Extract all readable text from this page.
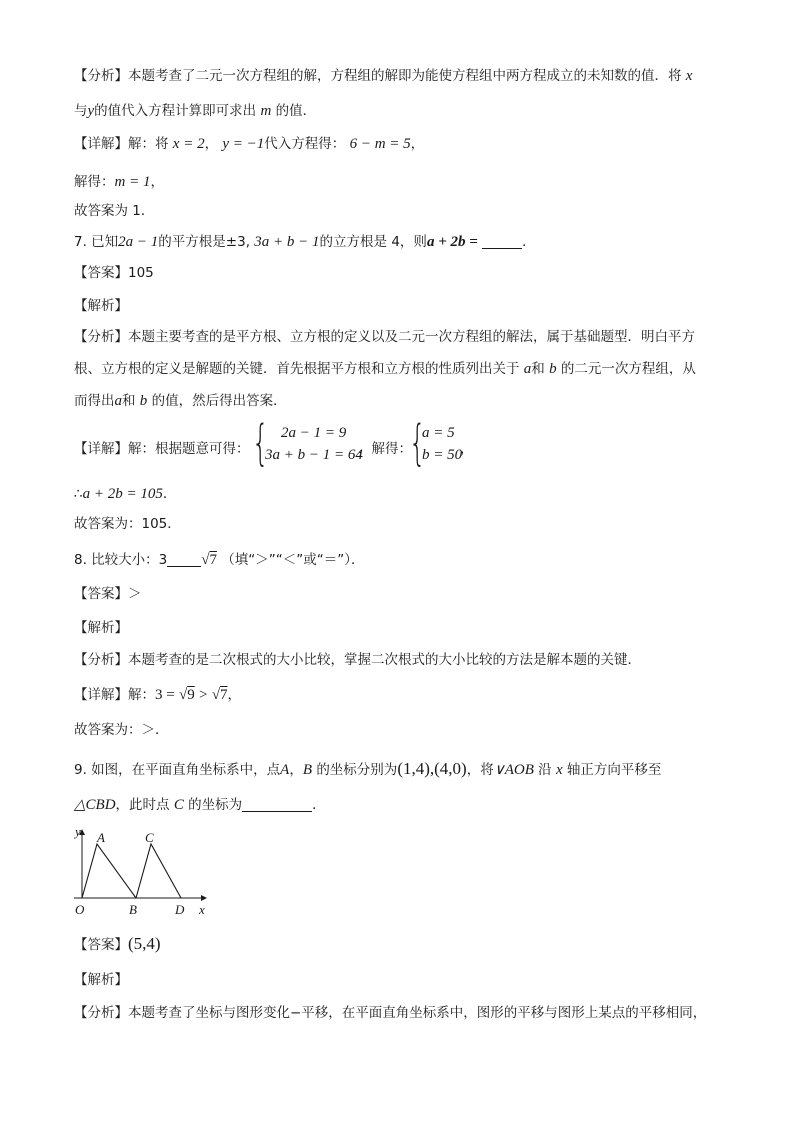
【分析】本题考查了二元一次方程组的解，方程组的解即为能使方程组中两方程成立的未知数的值．将 x
与y的值代入方程计算即可求出 m 的值．
【详解】解：将 x = 2， y = −1代入方程得： 6 − m = 5，
解得：m = 1，
故答案为 1．
7. 已知2a − 1的平方根是±3, 3a + b − 1的立方根是 4，则a + 2b =	．
【答案】105
【解析】
【分析】本题主要考查的是平方根、立方根的定义以及二元一次方程组的解法，属于基础题型．明白平方
根、立方根的定义是解题的关键．首先根据平方根和立方根的性质列出关于 a和 b 的二元一次方程组，从
而得出a和 b 的值，然后得出答案．
【详解】解：根据题意可得： { 2a − 1 = 9
3a + b − 1 = 64
，解得：
{
a = 5
b = 50
，
∴a + 2b = 105．
故答案为：105．
8. 比较大小：3 √7 （填“＞”“＜”或“＝”）．
【答案】＞
【解析】
【分析】本题考查的是二次根式的大小比较，掌握二次根式的大小比较的方法是解本题的关键．
【详解】解：3 = √9 > √7，
故答案为：＞．
9. 如图，在平面直角坐标系中，点A，B 的坐标分别为(1,4),(4,0)，将∨AOB 沿 x 轴正方向平移至
△CBD，此时点 C 的坐标为	．
y
x
O
A
B
C
D
【答案】(5,4)
【解析】
【分析】本题考查了坐标与图形变化−平移，在平面直角坐标系中，图形的平移与图形上某点的平移相同，
